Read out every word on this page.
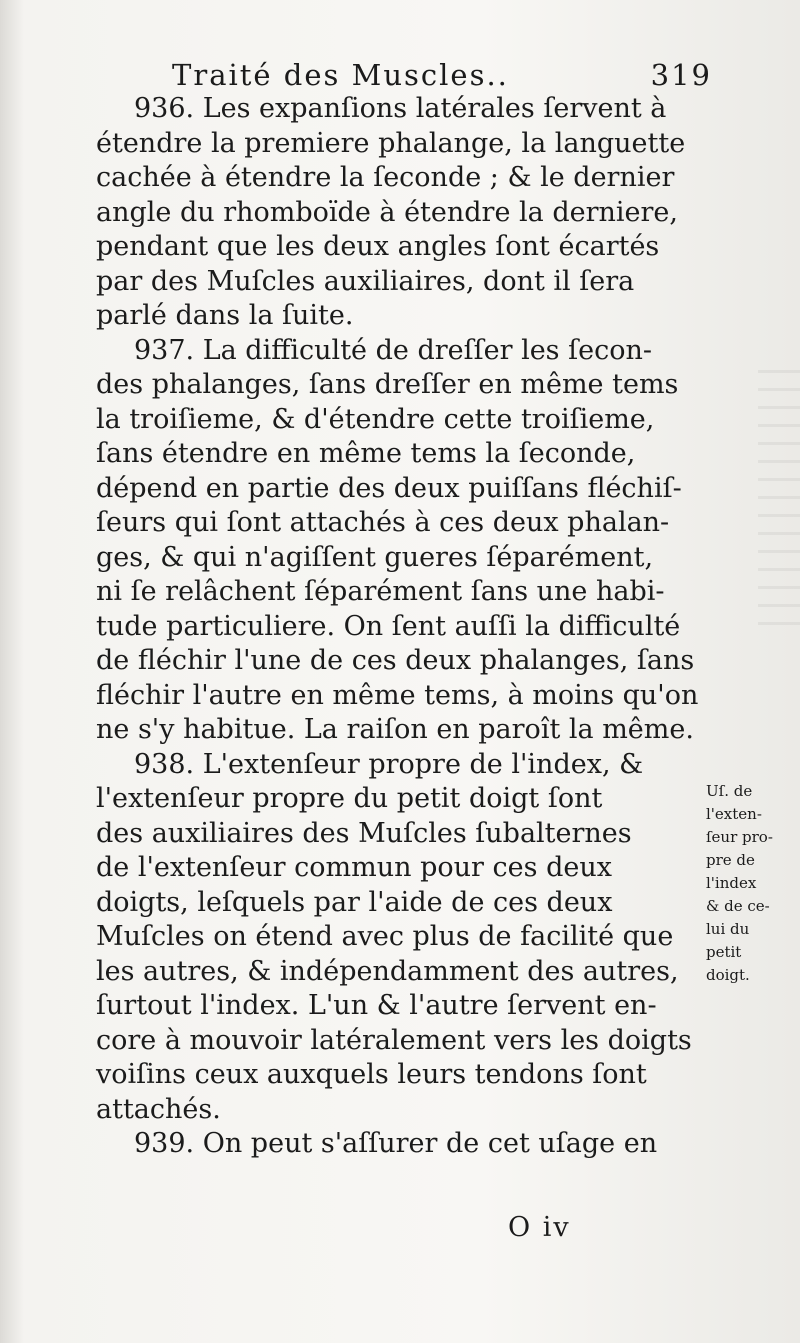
Traité des Muscles..	319

936. Les expanſions latérales ſervent à
étendre la premiere phalange, la languette
cachée à étendre la ſeconde ; & le dernier
angle du rhomboïde à étendre la derniere,
pendant que les deux angles ſont écartés
par des Muſcles auxiliaires, dont il ſera
parlé dans la ſuite.

937. La difficulté de dreſſer les ſecon-
des phalanges, ſans dreſſer en même tems
la troiſieme, & d'étendre cette troiſieme,
ſans étendre en même tems la ſeconde,
dépend en partie des deux puiſſans fléchiſ-
ſeurs qui ſont attachés à ces deux phalan-
ges, & qui n'agiſſent gueres ſéparément,
ni ſe relâchent ſéparément ſans une habi-
tude particuliere. On ſent auſſi la difficulté
de fléchir l'une de ces deux phalanges, ſans
fléchir l'autre en même tems, à moins qu'on
ne s'y habitue. La raiſon en paroît la même.

938. L'extenſeur propre de l'index, &
l'extenſeur propre du petit doigt ſont
des auxiliaires des Muſcles ſubalternes
de l'extenſeur commun pour ces deux
doigts, leſquels par l'aide de ces deux
Muſcles on étend avec plus de facilité que
les autres, & indépendamment des autres,
ſurtout l'index. L'un & l'autre ſervent en-
core à mouvoir latéralement vers les doigts
voiſins ceux auxquels leurs tendons ſont
attachés.

939. On peut s'aſſurer de cet uſage en

Uſ. de
l'exten-
ſeur pro-
pre de
l'index
& de ce-
lui du
petit
doigt.
O iv
